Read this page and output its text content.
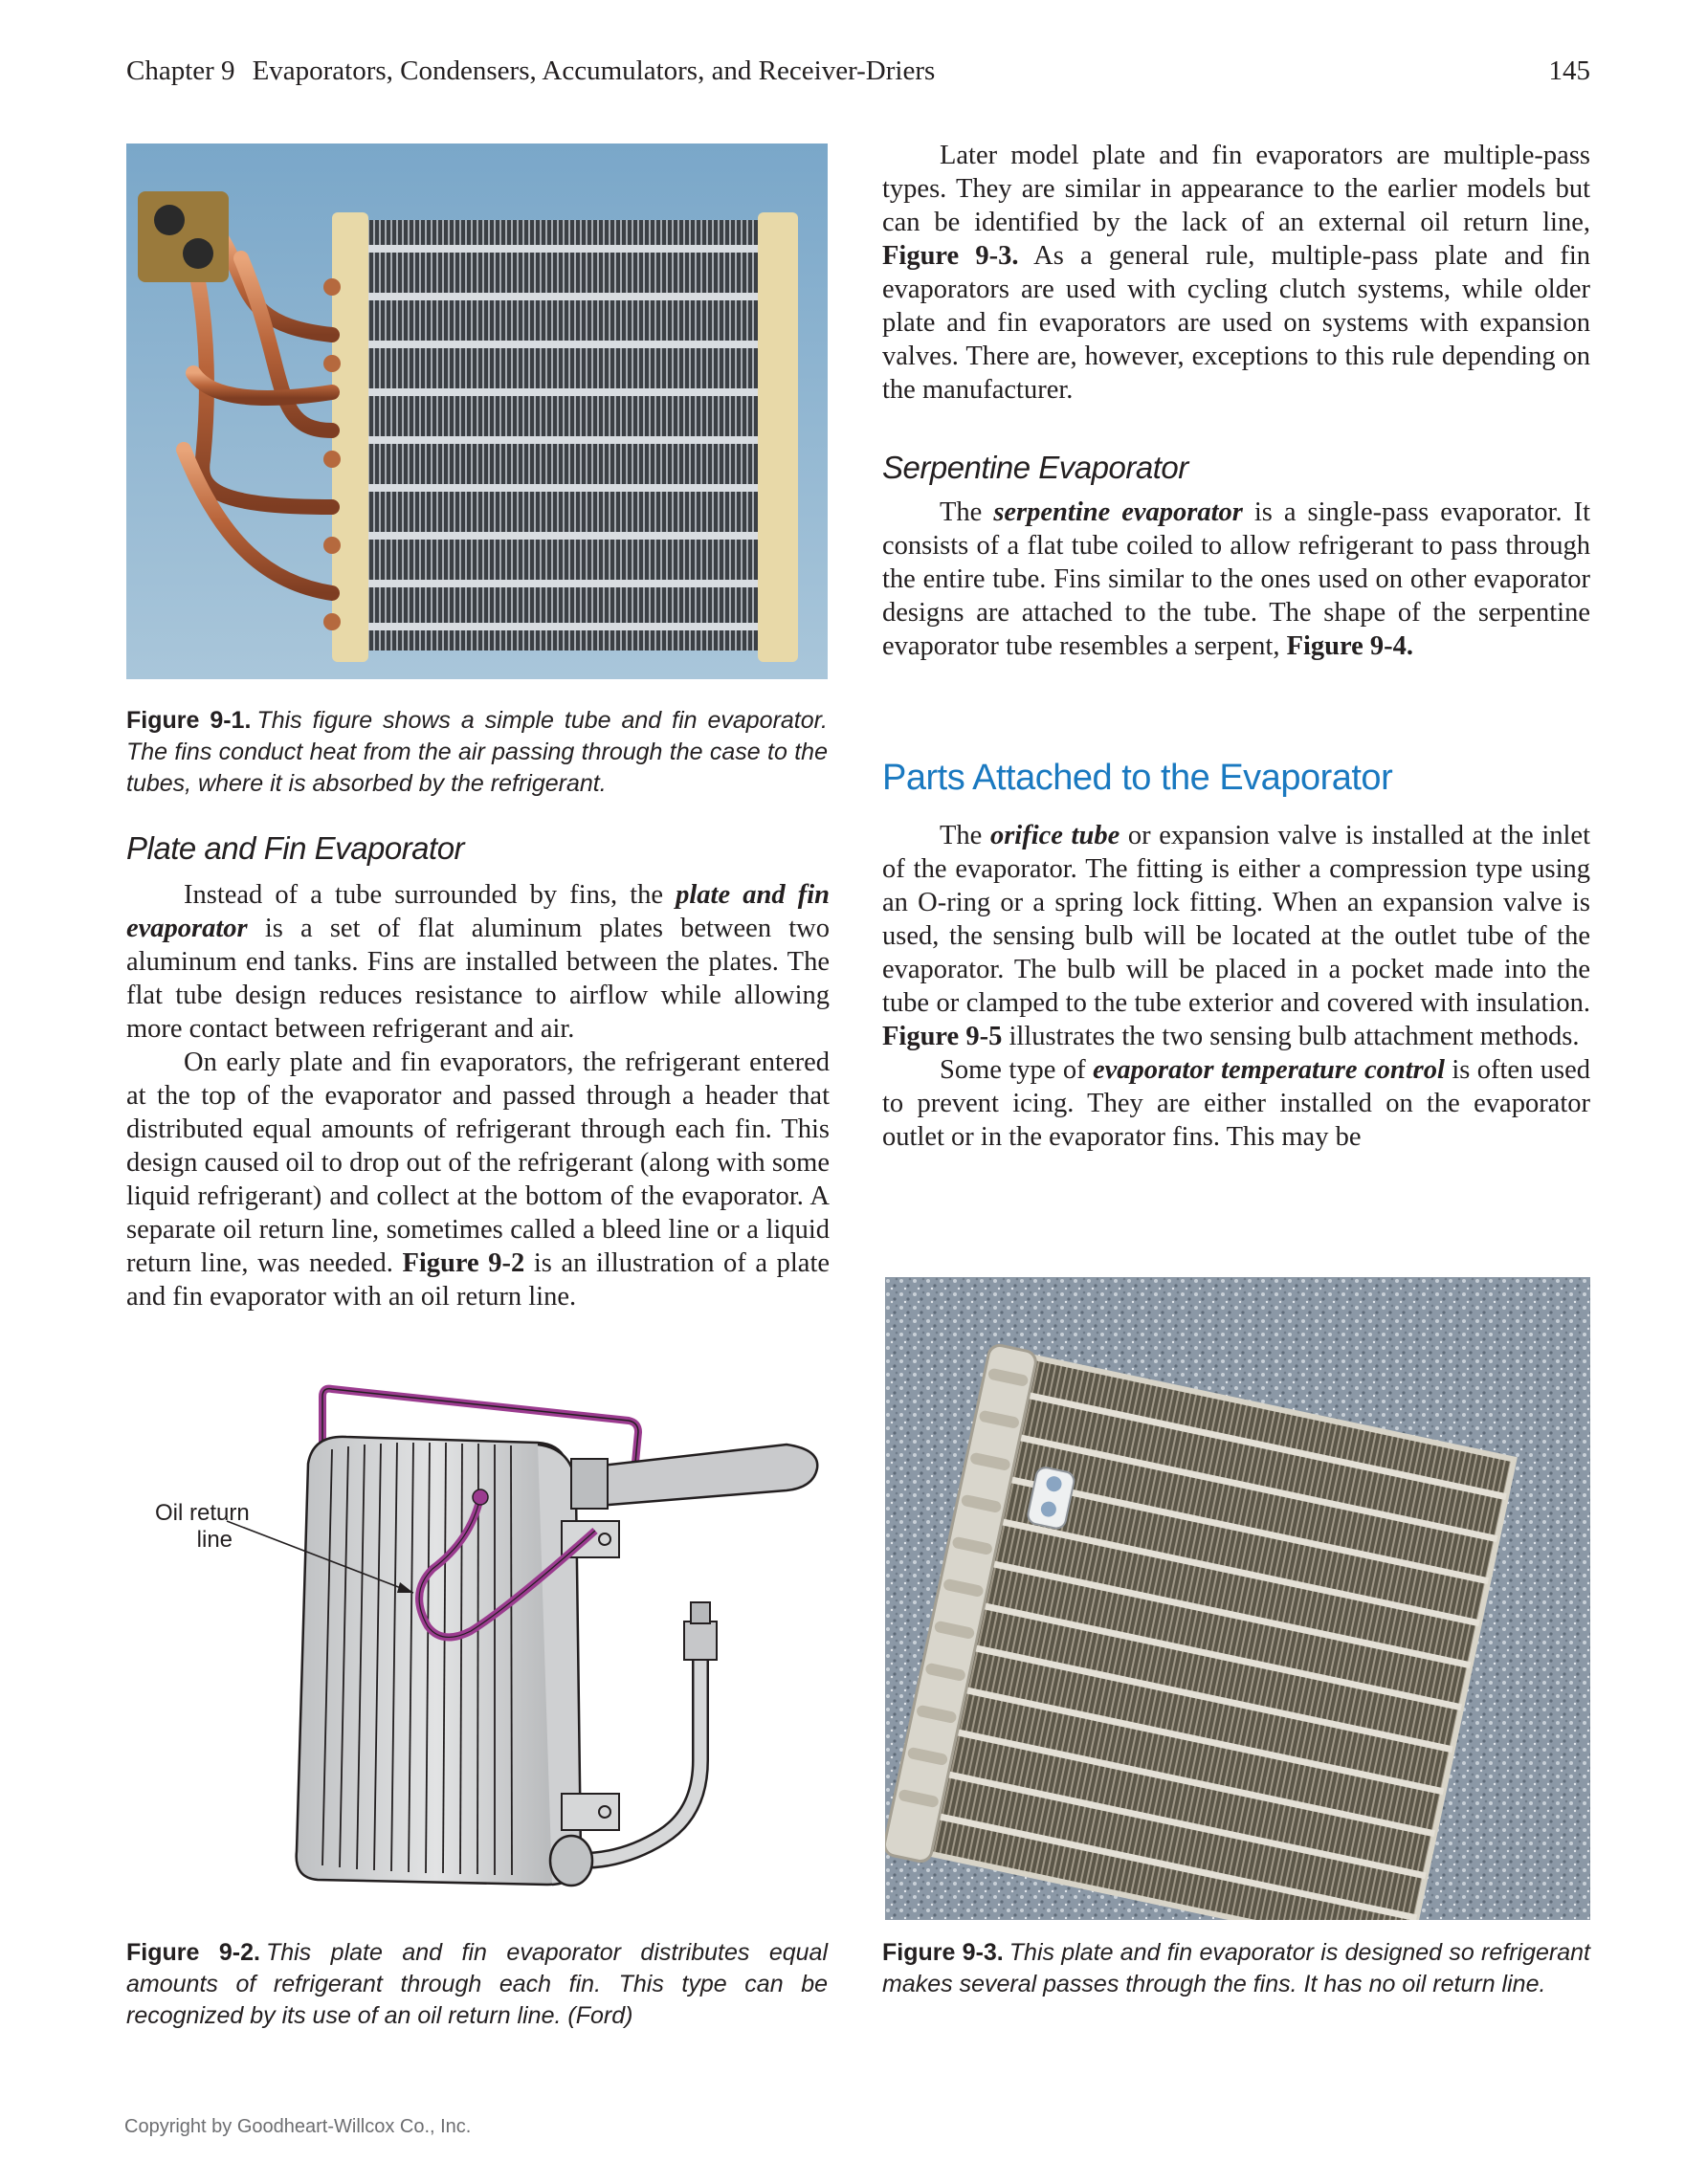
Chapter 9 Evaporators, Condensers, Accumulators, and Receiver-Driers	145
Figure 9-1. This figure shows a simple tube and fin evaporator. The fins conduct heat from the air passing through the case to the tubes, where it is absorbed by the refrigerant.
Plate and Fin Evaporator

Instead of a tube surrounded by fins, the plate and fin evaporator is a set of flat aluminum plates between two aluminum end tanks. Fins are installed between the plates. The flat tube design reduces resistance to airflow while allowing more contact between refrigerant and air.

On early plate and fin evaporators, the refrigerant entered at the top of the evaporator and passed through a header that distributed equal amounts of refrigerant through each fin. This design caused oil to drop out of the refrigerant (along with some liquid refrigerant) and collect at the bottom of the evaporator. A separate oil return line, sometimes called a bleed line or a liquid return line, was needed. Figure 9-2 is an illustration of a plate and fin evaporator with an oil return line.

Oil return
line
Figure 9-2. This plate and fin evaporator distributes equal amounts of refrigerant through each fin. This type can be recognized by its use of an oil return line. (Ford)

Later model plate and fin evaporators are multiple-pass types. They are similar in appearance to the earlier models but can be identified by the lack of an external oil return line, Figure 9-3. As a general rule, multiple-pass plate and fin evaporators are used with cycling clutch systems, while older plate and fin evaporators are used on systems with expansion valves. There are, however, exceptions to this rule depending on the manufacturer.

Serpentine Evaporator

The serpentine evaporator is a single-pass evaporator. It consists of a flat tube coiled to allow refrigerant to pass through the entire tube. Fins similar to the ones used on other evaporator designs are attached to the tube. The shape of the serpentine evaporator tube resembles a serpent, Figure 9-4.

Parts Attached to the Evaporator

The orifice tube or expansion valve is installed at the inlet of the evaporator. The fitting is either a compression type using an O-ring or a spring lock fitting. When an expansion valve is used, the sensing bulb will be located at the outlet tube of the evaporator. The bulb will be placed in a pocket made into the tube or clamped to the tube exterior and covered with insulation. Figure 9-5 illustrates the two sensing bulb attachment methods.

Some type of evaporator temperature control is often used to prevent icing. They are either installed on the evaporator outlet or in the evaporator fins. This may be

Figure 9-3. This plate and fin evaporator is designed so refrigerant makes several passes through the fins. It has no oil return line.
Copyright by Goodheart-Willcox Co., Inc.
